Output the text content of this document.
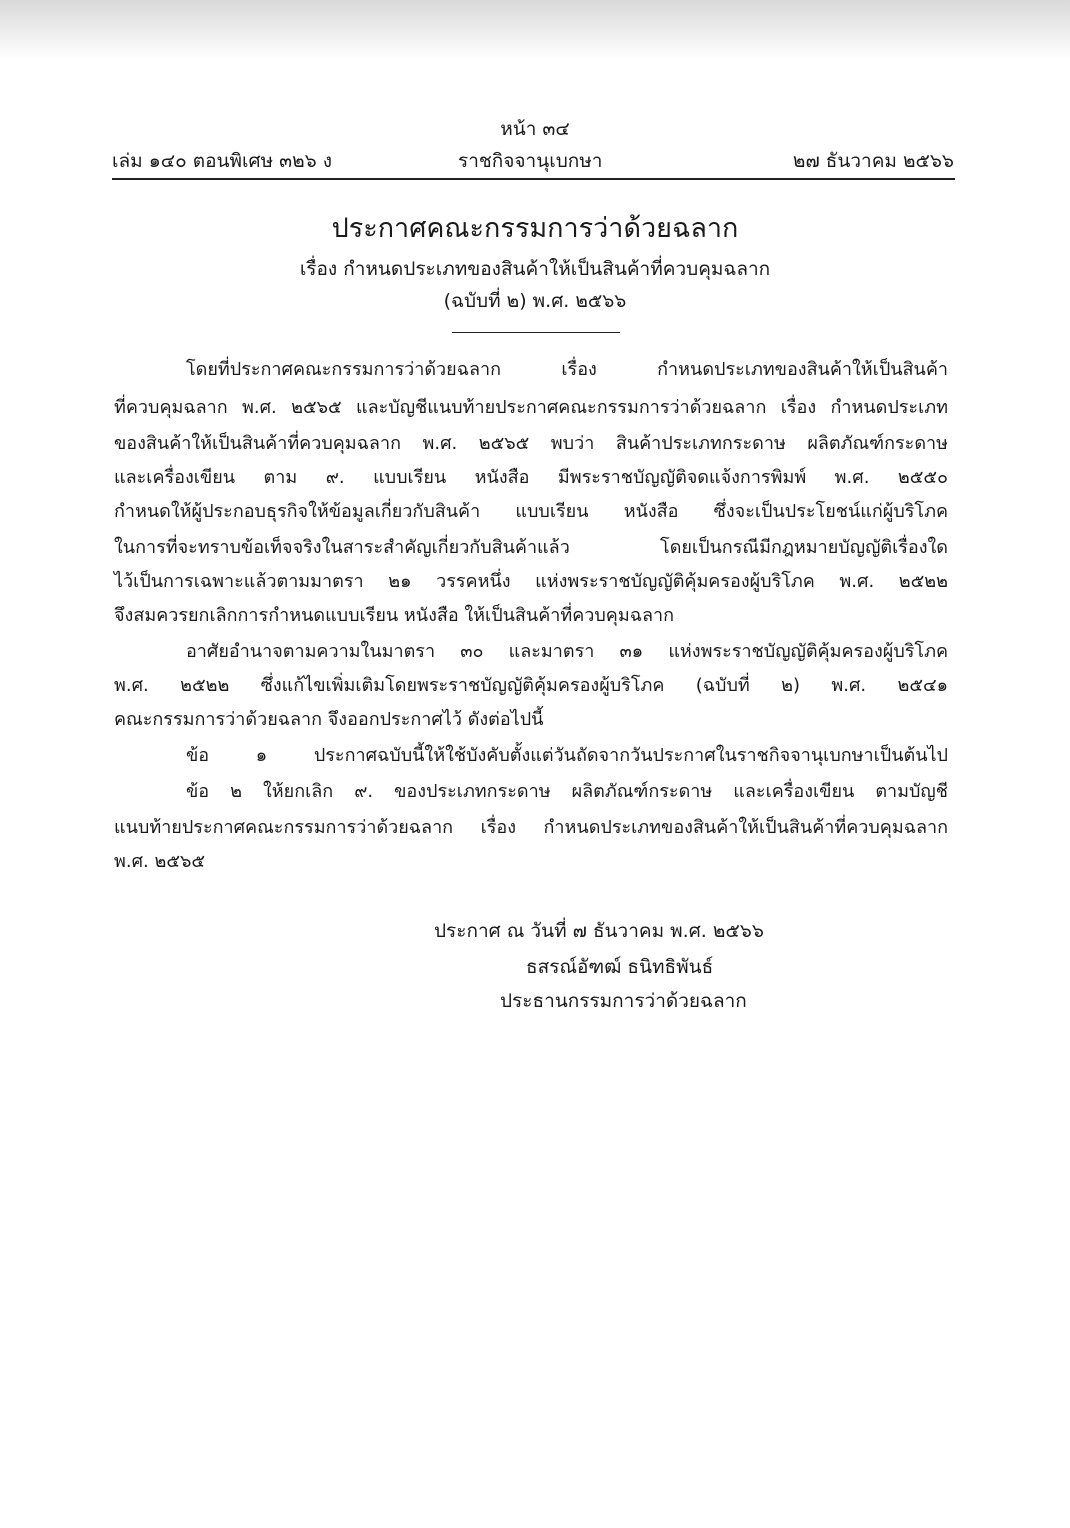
หน้า ๓๔
เล่ม ๑๔๐ ตอนพิเศษ ๓๒๖ ง	ราชกิจจานุเบกษา	๒๗ ธันวาคม ๒๕๖๖
ประกาศคณะกรรมการว่าด้วยฉลาก
เรื่อง กำหนดประเภทของสินค้าให้เป็นสินค้าที่ควบคุมฉลาก
(ฉบับที่ ๒) พ.ศ. ๒๕๖๖
โดยที่ประกาศคณะกรรมการว่าด้วยฉลาก เรื่อง กำหนดประเภทของสินค้าให้เป็นสินค้า
ที่ควบคุมฉลาก พ.ศ. ๒๕๖๕ และบัญชีแนบท้ายประกาศคณะกรรมการว่าด้วยฉลาก เรื่อง กำหนดประเภท
ของสินค้าให้เป็นสินค้าที่ควบคุมฉลาก พ.ศ. ๒๕๖๕ พบว่า สินค้าประเภทกระดาษ ผลิตภัณฑ์กระดาษ
และเครื่องเขียน ตาม ๙. แบบเรียน หนังสือ มีพระราชบัญญัติจดแจ้งการพิมพ์ พ.ศ. ๒๕๕๐
กำหนดให้ผู้ประกอบธุรกิจให้ข้อมูลเกี่ยวกับสินค้า แบบเรียน หนังสือ ซึ่งจะเป็นประโยชน์แก่ผู้บริโภค
ในการที่จะทราบข้อเท็จจริงในสาระสำคัญเกี่ยวกับสินค้าแล้ว โดยเป็นกรณีมีกฎหมายบัญญัติเรื่องใด
ไว้เป็นการเฉพาะแล้วตามมาตรา ๒๑ วรรคหนึ่ง แห่งพระราชบัญญัติคุ้มครองผู้บริโภค พ.ศ. ๒๕๒๒
จึงสมควรยกเลิกการกำหนดแบบเรียน หนังสือ ให้เป็นสินค้าที่ควบคุมฉลาก
อาศัยอำนาจตามความในมาตรา ๓๐ และมาตรา ๓๑ แห่งพระราชบัญญัติคุ้มครองผู้บริโภค
พ.ศ. ๒๕๒๒ ซึ่งแก้ไขเพิ่มเติมโดยพระราชบัญญัติคุ้มครองผู้บริโภค (ฉบับที่ ๒) พ.ศ. ๒๕๔๑
คณะกรรมการว่าด้วยฉลาก จึงออกประกาศไว้ ดังต่อไปนี้
ข้อ ๑ ประกาศฉบับนี้ให้ใช้บังคับตั้งแต่วันถัดจากวันประกาศในราชกิจจานุเบกษาเป็นต้นไป
ข้อ ๒ ให้ยกเลิก ๙. ของประเภทกระดาษ ผลิตภัณฑ์กระดาษ และเครื่องเขียน ตามบัญชี
แนบท้ายประกาศคณะกรรมการว่าด้วยฉลาก เรื่อง กำหนดประเภทของสินค้าให้เป็นสินค้าที่ควบคุมฉลาก
พ.ศ. ๒๕๖๕
ประกาศ ณ วันที่ ๗ ธันวาคม พ.ศ. ๒๕๖๖
ธสรณ์อัฑฒ์ ธนิทธิพันธ์
ประธานกรรมการว่าด้วยฉลาก
